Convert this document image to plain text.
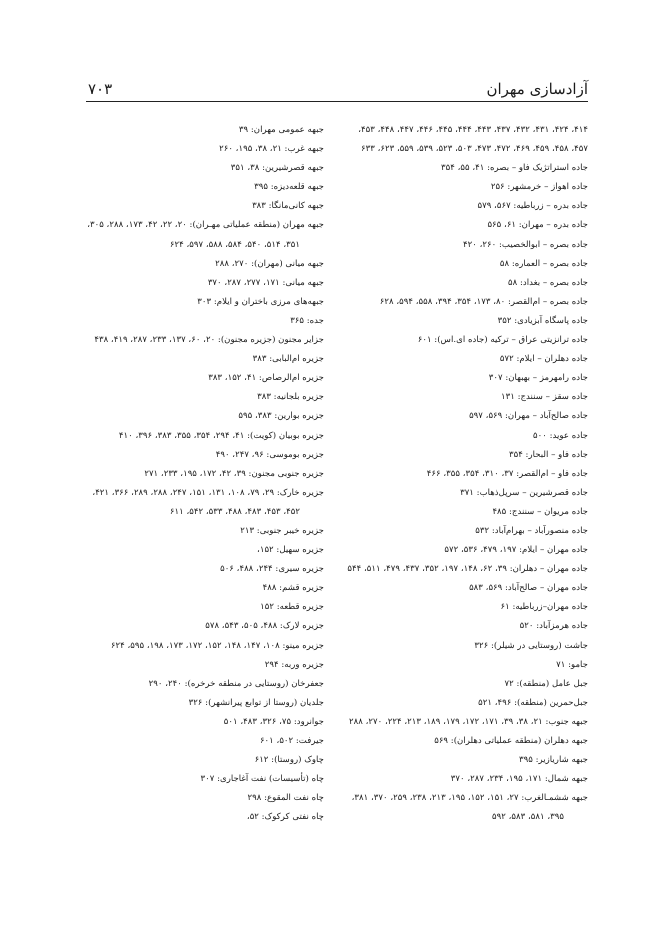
۷۰۳	آزادسازی مهران
۴۱۴، ۴۲۴، ۴۳۱، ۴۳۲، ۴۳۷، ۴۴۳، ۴۴۴، ۴۴۵، ۴۴۶، ۴۴۷، ۴۴۸، ۴۵۳،
۴۵۷، ۴۵۸، ۴۵۹، ۴۶۹، ۴۷۲، ۴۷۳، ۵۰۳، ۵۲۳، ۵۳۹، ۵۵۹، ۶۲۳، ۶۳۳
جاده استراتژیک فاو – بصره: ۴۱، ۵۵، ۳۵۴
جاده اهواز – خرمشهر: ۲۵۶
جاده بدره – زرباطیه: ۵۶۷، ۵۷۹
جاده بدره – مهران: ۶۱، ۵۶۵
جاده بصره – ابوالخصیب: ۲۶۰، ۴۲۰
جاده بصره – العماره: ۵۸
جاده بصره – بغداد: ۵۸
جاده بصره – ام‌القصر: ۸۰، ۱۷۳، ۳۵۴، ۳۹۴، ۵۵۸، ۵۹۴، ۶۲۸
جاده پاسگاه آبزیادی: ۳۵۲
جاده ترانزیتی عراق – ترکیه (جاده ای.اس): ۶۰۱
جاده دهلران – ایلام: ۵۷۲
جاده رامهرمز – بهبهان: ۳۰۷
جاده سقز – سنندج: ۱۳۱
جاده صالح‌آباد – مهران: ۵۶۹، ۵۹۷
جاده عوید: ۵۰۰
جاده فاو – البحار: ۳۵۴
جاده فاو – ام‌القصر: ۳۷، ۳۱۰، ۳۵۴، ۳۵۵، ۴۶۶
جاده قصرشیرین – سرپل‌ذهاب: ۳۷۱
جاده مریوان – سنندج: ۴۸۵
جاده منصورآباد – بهرام‌آباد: ۵۳۲
جاده مهران – ایلام: ۱۹۷، ۴۷۹، ۵۳۶، ۵۷۲
جاده مهران – دهلران: ۳۹، ۶۲، ۱۴۸، ۱۹۷، ۳۵۲، ۴۳۷، ۴۷۹، ۵۱۱، ۵۴۴
جاده مهران – صالح‌آباد: ۵۶۹، ۵۸۳
جاده مهران–زرباطیه: ۶۱
جاده هرمزآباد: ۵۲۰
جاشت (روستایی در شیلر): ۳۲۶
جامو: ۷۱
جبل عامل (منطقه): ۷۲
جبل‌حمرین (منطقه): ۴۹۶، ۵۲۱
جبهه جنوب: ۲۱، ۳۸، ۳۹، ۱۷۱، ۱۷۲، ۱۷۹، ۱۸۹، ۲۱۳، ۲۲۴، ۲۷۰، ۲۸۸
جبهه دهلران (منطقه عملیاتی دهلران): ۵۶۹
جبهه شاریازیر: ۳۹۵
جبهه شمال: ۱۷۱، ۱۹۵، ۲۳۴، ۲۸۷، ۳۷۰
جبهه ششمـالغرب: ۲۷، ۱۵۱، ۱۵۲، ۱۹۵، ۲۱۳، ۲۳۸، ۲۵۹، ۳۷۰، ۳۸۱،
۳۹۵، ۵۸۱، ۵۸۳، ۵۹۲
جبهه عمومی مهران: ۳۹
جبهه غرب: ۲۱، ۳۸، ۱۹۵، ۲۶۰
جبهه قصرشیرین: ۳۸، ۳۵۱
جبهه قلعه‌دیزه: ۳۹۵
جبهه کانی‌مانگا: ۳۸۳
جبهه مهران (منطقه عملیاتی مهـران): ۲۰، ۲۲، ۴۲، ۱۷۳، ۲۸۸، ۳۰۵،
۳۵۱، ۵۱۴، ۵۴۰، ۵۸۴، ۵۸۸، ۵۹۷، ۶۲۴
جبهه میانی (مهران): ۲۷۰، ۲۸۸
جبهه میانی: ۱۷۱، ۲۷۷، ۲۸۷، ۳۷۰
جبهه‌های مرزی باختران و ایلام: ۳۰۳
جده: ۳۶۵
جزایر مجنون (جزیره مجنون): ۲۰، ۶۰، ۱۳۷، ۲۳۳، ۲۸۷، ۴۱۹، ۴۳۸
جزیره ام‌البابی: ۳۸۳
جزیره ام‌الرصاص: ۴۱، ۱۵۲، ۳۸۳
جزیره بلجانیه: ۳۸۳
جزیره بوارین: ۳۸۳، ۵۹۵
جزیره بوبیان (کویت): ۴۱، ۲۹۴، ۳۵۴، ۳۵۵، ۳۸۳، ۳۹۶، ۴۱۰
جزیره بوموسی: ۹۶، ۲۴۷، ۴۹۰
جزیره جنوبی مجنون: ۳۹، ۴۲، ۱۷۲، ۱۹۵، ۲۳۳، ۲۷۱
جزیره خارک: ۲۹، ۷۹، ۱۰۸، ۱۳۱، ۱۵۱، ۲۴۷، ۲۸۸، ۲۸۹، ۳۶۶، ۴۲۱،
۴۵۲، ۴۵۳، ۴۸۳، ۴۸۸، ۵۳۳، ۵۴۲، ۶۱۱
جزیره خیبر جنوبی: ۲۱۳
جزیره سهیل: ۱۵۲،
جزیره سیری: ۲۴۴، ۴۸۸، ۵۰۶
جزیره قشم: ۴۸۸
جزیره قطعه: ۱۵۲
جزیره لارک: ۴۸۸، ۵۰۵، ۵۴۳، ۵۷۸
جزیره مینو: ۱۰۸، ۱۴۷، ۱۴۸، ۱۵۲، ۱۷۲، ۱۷۳، ۱۹۸، ۵۹۵، ۶۲۴
جزیره وربه: ۲۹۴
جعفرخان (روستایی در منطقه خرخره): ۲۴۰، ۲۹۰
جلدیان (روستا از توابع پیرانشهر): ۳۲۶
جوانرود: ۷۵، ۳۲۶، ۴۸۳، ۵۰۱
جیرفت: ۵۰۲، ۶۰۱
چاوک (روستا): ۶۱۲
چاه (تأسیسات) نفت آغاجاری: ۳۰۷
چاه نفت المقوع: ۲۹۸
چاه نفتی کرکوک: ۵۲،
